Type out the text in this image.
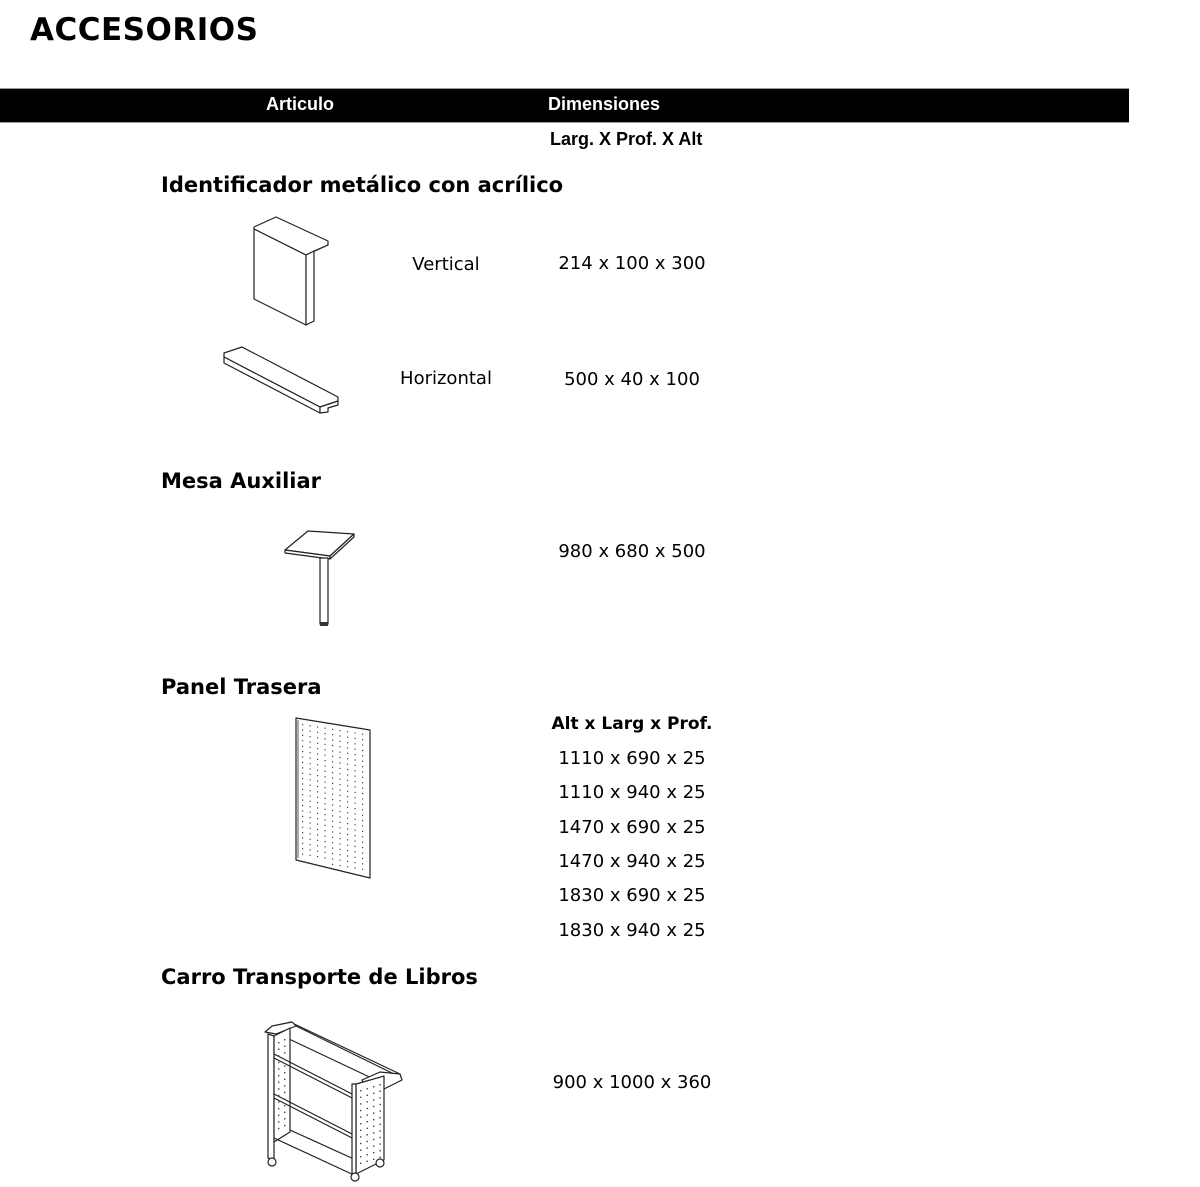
ACCESORIOS
Articulo	Dimensiones
Larg. X Prof. X Alt
Identificador metálico con acrílico
Vertical	214 x 100 x 300
Horizontal	500 x 40 x 100
Mesa Auxiliar
980 x 680 x 500
Panel Trasera
Alt x Larg x Prof.
1110 x 690 x 25
1110 x 940 x 25
1470 x 690 x 25
1470 x 940 x 25
1830 x 690 x 25
1830 x 940 x 25
Carro Transporte de Libros
900 x 1000 x 360
